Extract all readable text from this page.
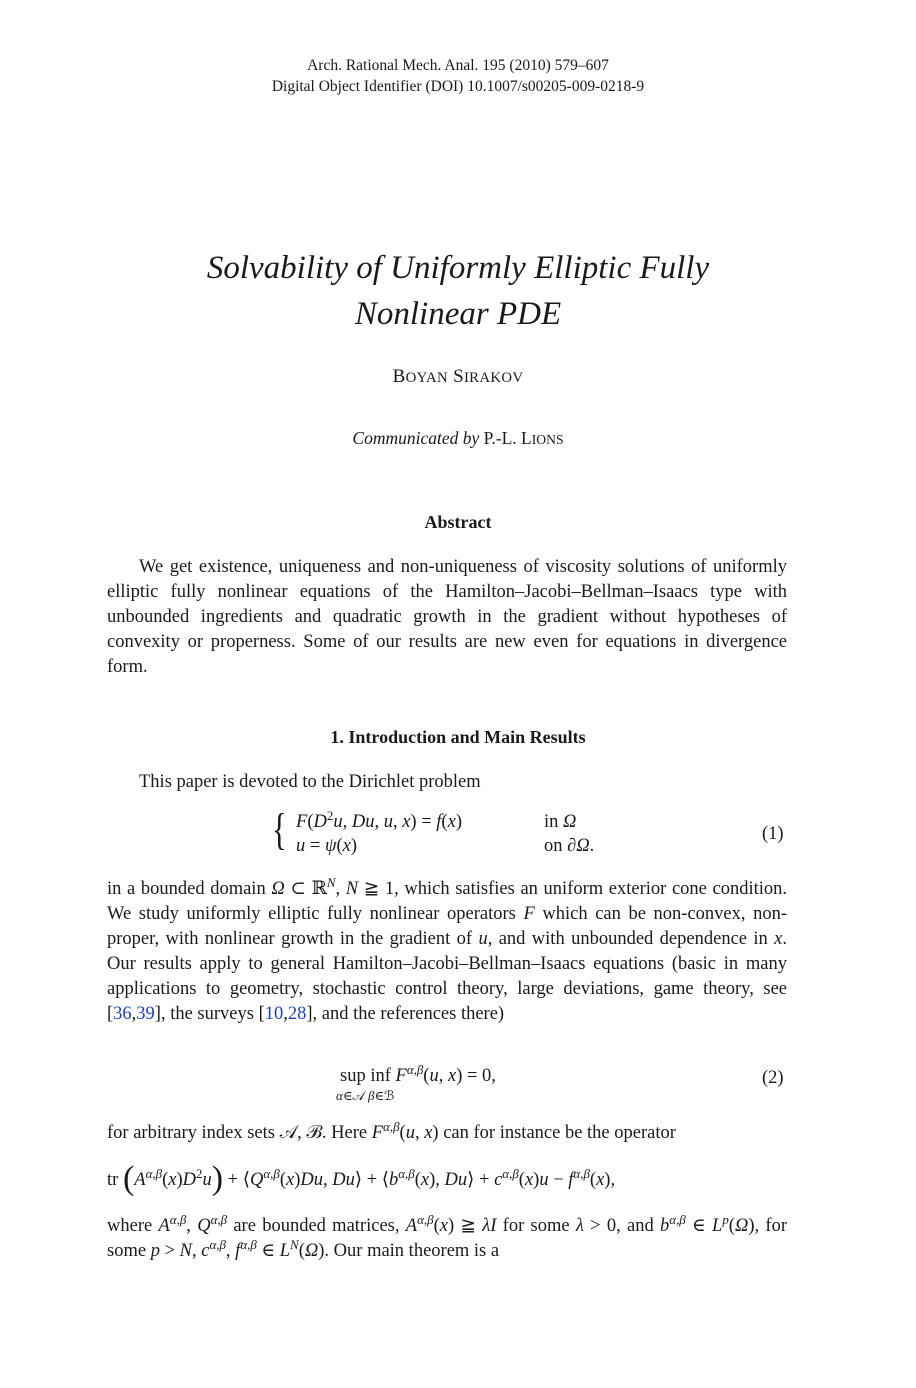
Arch. Rational Mech. Anal. 195 (2010) 579–607
Digital Object Identifier (DOI) 10.1007/s00205-009-0218-9
Solvability of Uniformly Elliptic Fully
Nonlinear PDE
BOYAN SIRAKOV
Communicated by P.-L. LIONS
Abstract

We get existence, uniqueness and non-uniqueness of viscosity solutions of uniformly elliptic fully nonlinear equations of the Hamilton–Jacobi–Bellman–Isaacs type with unbounded ingredients and quadratic growth in the gradient without hypotheses of convexity or properness. Some of our results are new even for equations in divergence form.

1. Introduction and Main Results
This paper is devoted to the Dirichlet problem
{ $F(D^2u$, Du, u, x) = f(x)	in Ω
u = ψ(x)	on ∂Ω.
(1)

in a bounded domain Ω ⊂ ℝ$^N$, N ≧ 1, which satisfies an uniform exterior cone condition. We study uniformly elliptic fully nonlinear operators F which can be non-convex, non-proper, with nonlinear growth in the gradient of u, and with unbounded dependence in x. Our results apply to general Hamilton–Jacobi–Bellman–Isaacs equations (basic in many applications to geometry, stochastic control theory, large deviations, game theory, see [36,39], the surveys [10,28], and the references there)

sup inf $F^{\alpha,\beta}(u$, x) = 0,
α∈𝒜 β∈ℬ
(2)
for arbitrary index sets 𝒜, ℬ. Here $F^{\alpha,\beta}(u$, x) can for instance be the operator
tr $(A^{\alpha,\beta}(x)D^2u)$ + $⟨Q^{\alpha,\beta}(x)Du$, Du⟩ + $⟨b^{\alpha,\beta}(x)$, Du⟩ + $c^{\alpha,\beta}(x)u - f^{\alpha,\beta}(x)$,

where $A^{\alpha,\beta}$, $Q^{\alpha,\beta}$ are bounded matrices, $A^{\alpha,\beta}(x)$ ≧ λI for some λ > 0, and $b^{\alpha,\beta}$ ∈ $L^p(\Omega)$, for some p > N, $c^{\alpha,\beta}$, $f^{\alpha,\beta}$ ∈ $L^N(\Omega)$. Our main theorem is a
